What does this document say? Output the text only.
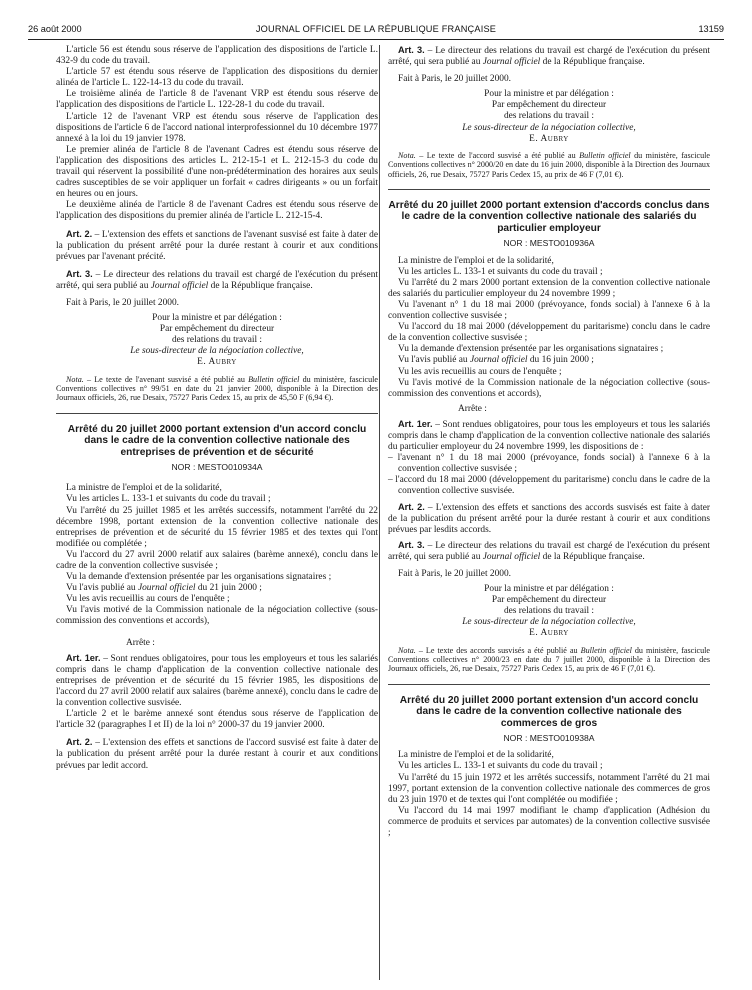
26 août 2000	JOURNAL OFFICIEL DE LA RÉPUBLIQUE FRANÇAISE	13159

L'article 56 est étendu sous réserve de l'application des dispositions de l'article L. 432-9 du code du travail.

L'article 57 est étendu sous réserve de l'application des dispositions du dernier alinéa de l'article L. 122-14-13 du code du travail.

Le troisième alinéa de l'article 8 de l'avenant VRP est étendu sous réserve de l'application des dispositions de l'article L. 122-28-1 du code du travail.

L'article 12 de l'avenant VRP est étendu sous réserve de l'application des dispositions de l'article 6 de l'accord national interprofessionnel du 10 décembre 1977 annexé à la loi du 19 janvier 1978.

Le premier alinéa de l'article 8 de l'avenant Cadres est étendu sous réserve de l'application des dispositions des articles L. 212-15-1 et L. 212-15-3 du code du travail qui réservent la possibilité d'une non-prédétermination des horaires aux seuls cadres susceptibles de se voir appliquer un forfait « cadres dirigeants » ou un forfait en heures ou en jours.

Le deuxième alinéa de l'article 8 de l'avenant Cadres est étendu sous réserve de l'application des dispositions du premier alinéa de l'article L. 212-15-4.

Art. 2. – L'extension des effets et sanctions de l'avenant susvisé est faite à dater de la publication du présent arrêté pour la durée restant à courir et aux conditions prévues par l'avenant précité.

Art. 3. – Le directeur des relations du travail est chargé de l'exécution du présent arrêté, qui sera publié au Journal officiel de la République française.

Fait à Paris, le 20 juillet 2000.

Pour la ministre et par délégation :

Par empêchement du directeur

des relations du travail :

Le sous-directeur de la négociation collective,

E. Aubry

Nota. – Le texte de l'avenant susvisé a été publié au Bulletin officiel du ministère, fascicule Conventions collectives n° 99/51 en date du 21 janvier 2000, disponible à la Direction des Journaux officiels, 26, rue Desaix, 75727 Paris Cedex 15, au prix de 45,50 F (6,94 €).

Arrêté du 20 juillet 2000 portant extension d'un accord conclu dans le cadre de la convention collective nationale des entreprises de prévention et de sécurité
NOR : MESTO010934A

La ministre de l'emploi et de la solidarité,

Vu les articles L. 133-1 et suivants du code du travail ;

Vu l'arrêté du 25 juillet 1985 et les arrêtés successifs, notamment l'arrêté du 22 décembre 1998, portant extension de la convention collective nationale des entreprises de prévention et de sécurité du 15 février 1985 et des textes qui l'ont modifiée ou complétée ;

Vu l'accord du 27 avril 2000 relatif aux salaires (barème annexé), conclu dans le cadre de la convention collective susvisée ;

Vu la demande d'extension présentée par les organisations signataires ;

Vu l'avis publié au Journal officiel du 21 juin 2000 ;

Vu les avis recueillis au cours de l'enquête ;

Vu l'avis motivé de la Commission nationale de la négociation collective (sous-commission des conventions et accords),

Arrête :

Art. 1er. – Sont rendues obligatoires, pour tous les employeurs et tous les salariés compris dans le champ d'application de la convention collective nationale des entreprises de prévention et de sécurité du 15 février 1985, les dispositions de l'accord du 27 avril 2000 relatif aux salaires (barème annexé), conclu dans le cadre de la convention collective susvisée.

L'article 2 et le barème annexé sont étendus sous réserve de l'application de l'article 32 (paragraphes I et II) de la loi n° 2000-37 du 19 janvier 2000.

Art. 2. – L'extension des effets et sanctions de l'accord susvisé est faite à dater de la publication du présent arrêté pour la durée restant à courir et aux conditions prévues par ledit accord.

Art. 3. – Le directeur des relations du travail est chargé de l'exécution du présent arrêté, qui sera publié au Journal officiel de la République française.

Fait à Paris, le 20 juillet 2000.

Pour la ministre et par délégation :

Par empêchement du directeur

des relations du travail :

Le sous-directeur de la négociation collective,

E. Aubry

Nota. – Le texte de l'accord susvisé a été publié au Bulletin officiel du ministère, fascicule Conventions collectives n° 2000/20 en date du 16 juin 2000, disponible à la Direction des Journaux officiels, 26, rue Desaix, 75727 Paris Cedex 15, au prix de 46 F (7,01 €).

Arrêté du 20 juillet 2000 portant extension d'accords conclus dans le cadre de la convention collective nationale des salariés du particulier employeur
NOR : MESTO010936A

La ministre de l'emploi et de la solidarité,

Vu les articles L. 133-1 et suivants du code du travail ;

Vu l'arrêté du 2 mars 2000 portant extension de la convention collective nationale des salariés du particulier employeur du 24 novembre 1999 ;

Vu l'avenant n° 1 du 18 mai 2000 (prévoyance, fonds social) à l'annexe 6 à la convention collective susvisée ;

Vu l'accord du 18 mai 2000 (développement du paritarisme) conclu dans le cadre de la convention collective susvisée ;

Vu la demande d'extension présentée par les organisations signataires ;

Vu l'avis publié au Journal officiel du 16 juin 2000 ;

Vu les avis recueillis au cours de l'enquête ;

Vu l'avis motivé de la Commission nationale de la négociation collective (sous-commission des conventions et accords),

Arrête :

Art. 1er. – Sont rendues obligatoires, pour tous les employeurs et tous les salariés compris dans le champ d'application de la convention collective nationale des salariés du particulier employeur du 24 novembre 1999, les dispositions de :

– l'avenant n° 1 du 18 mai 2000 (prévoyance, fonds social) à l'annexe 6 à la convention collective susvisée ;

– l'accord du 18 mai 2000 (développement du paritarisme) conclu dans le cadre de la convention collective susvisée.

Art. 2. – L'extension des effets et sanctions des accords susvisés est faite à dater de la publication du présent arrêté pour la durée restant à courir et aux conditions prévues par lesdits accords.

Art. 3. – Le directeur des relations du travail est chargé de l'exécution du présent arrêté, qui sera publié au Journal officiel de la République française.

Fait à Paris, le 20 juillet 2000.

Pour la ministre et par délégation :

Par empêchement du directeur

des relations du travail :

Le sous-directeur de la négociation collective,

E. Aubry

Nota. – Le texte des accords susvisés a été publié au Bulletin officiel du ministère, fascicule Conventions collectives n° 2000/23 en date du 7 juillet 2000, disponible à la Direction des Journaux officiels, 26, rue Desaix, 75727 Paris Cedex 15, au prix de 46 F (7,01 €).

Arrêté du 20 juillet 2000 portant extension d'un accord conclu dans le cadre de la convention collective nationale des commerces de gros
NOR : MESTO010938A

La ministre de l'emploi et de la solidarité,

Vu les articles L. 133-1 et suivants du code du travail ;

Vu l'arrêté du 15 juin 1972 et les arrêtés successifs, notamment l'arrêté du 21 mai 1997, portant extension de la convention collective nationale des commerces de gros du 23 juin 1970 et de textes qui l'ont complétée ou modifiée ;

Vu l'accord du 14 mai 1997 modifiant le champ d'application (Adhésion du commerce de produits et services par automates) de la convention collective susvisée ;
